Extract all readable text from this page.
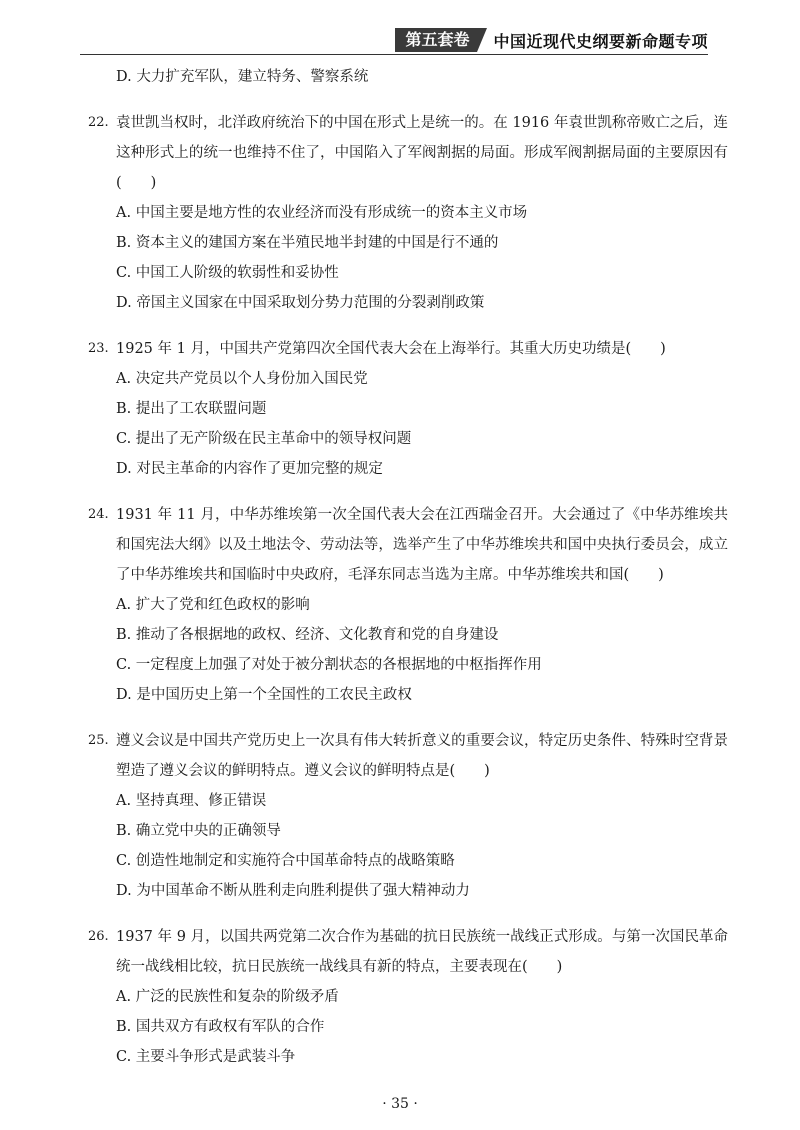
第五套卷	中国近现代史纲要新命题专项
D. 大力扩充军队，建立特务、警察系统
22. 袁世凯当权时，北洋政府统治下的中国在形式上是统一的。在 1916 年袁世凯称帝败亡之后，连这种形式上的统一也维持不住了，中国陷入了军阀割据的局面。形成军阀割据局面的主要原因有(　　)
A. 中国主要是地方性的农业经济而没有形成统一的资本主义市场
B. 资本主义的建国方案在半殖民地半封建的中国是行不通的
C. 中国工人阶级的软弱性和妥协性
D. 帝国主义国家在中国采取划分势力范围的分裂剥削政策
23. 1925 年 1 月，中国共产党第四次全国代表大会在上海举行。其重大历史功绩是(　　)
A. 决定共产党员以个人身份加入国民党
B. 提出了工农联盟问题
C. 提出了无产阶级在民主革命中的领导权问题
D. 对民主革命的内容作了更加完整的规定
24. 1931 年 11 月，中华苏维埃第一次全国代表大会在江西瑞金召开。大会通过了《中华苏维埃共和国宪法大纲》以及土地法令、劳动法等，选举产生了中华苏维埃共和国中央执行委员会，成立了中华苏维埃共和国临时中央政府，毛泽东同志当选为主席。中华苏维埃共和国(　　)
A. 扩大了党和红色政权的影响
B. 推动了各根据地的政权、经济、文化教育和党的自身建设
C. 一定程度上加强了对处于被分割状态的各根据地的中枢指挥作用
D. 是中国历史上第一个全国性的工农民主政权
25. 遵义会议是中国共产党历史上一次具有伟大转折意义的重要会议，特定历史条件、特殊时空背景塑造了遵义会议的鲜明特点。遵义会议的鲜明特点是(　　)
A. 坚持真理、修正错误
B. 确立党中央的正确领导
C. 创造性地制定和实施符合中国革命特点的战略策略
D. 为中国革命不断从胜利走向胜利提供了强大精神动力
26. 1937 年 9 月，以国共两党第二次合作为基础的抗日民族统一战线正式形成。与第一次国民革命统一战线相比较，抗日民族统一战线具有新的特点，主要表现在(　　)
A. 广泛的民族性和复杂的阶级矛盾
B. 国共双方有政权有军队的合作
C. 主要斗争形式是武装斗争
· 35 ·
